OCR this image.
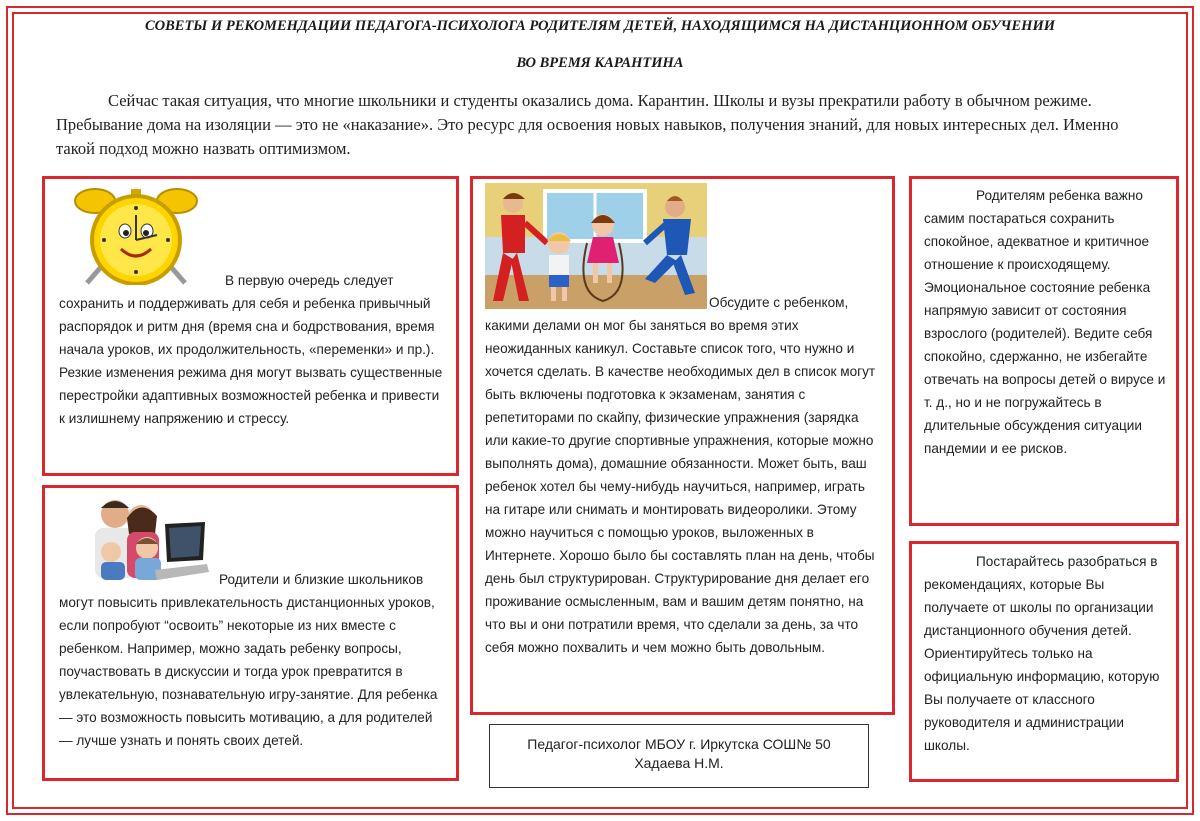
СОВЕТЫ И РЕКОМЕНДАЦИИ ПЕДАГОГА-ПСИХОЛОГА РОДИТЕЛЯМ ДЕТЕЙ, НАХОДЯЩИМСЯ НА ДИСТАНЦИОННОМ ОБУЧЕНИИ
ВО ВРЕМЯ КАРАНТИНА

Сейчас такая ситуация, что многие школьники и студенты оказались дома. Карантин. Школы и вузы прекратили работу в обычном режиме. Пребывание дома на изоляции — это не «наказание». Это ресурс для освоения новых навыков, получения знаний, для новых интересных дел. Именно такой подход можно назвать оптимизмом.

В первую очередь следует сохранить и поддерживать для себя и ребенка привычный распорядок и ритм дня (время сна и бодрствования, время начала уроков, их продолжительность, «переменки» и пр.). Резкие изменения режима дня могут вызвать существенные перестройки адаптивных возможностей ребенка и привести к излишнему напряжению и стрессу.

Родители и близкие школьников могут повысить привлекательность дистанционных уроков, если попробуют “освоить” некоторые из них вместе с ребенком. Например, можно задать ребенку вопросы, поучаствовать в дискуссии и тогда урок превратится в увлекательную, познавательную игру-занятие. Для ребенка — это возможность повысить мотивацию, а для родителей — лучше узнать и понять своих детей.

Обсудите с ребенком, какими делами он мог бы заняться во время этих неожиданных каникул. Составьте список того, что нужно и хочется сделать. В качестве необходимых дел в список могут быть включены подготовка к экзаменам, занятия с репетиторами по скайпу, физические упражнения (зарядка или какие-то другие спортивные упражнения, которые можно выполнять дома), домашние обязанности. Может быть, ваш ребенок хотел бы чему-нибудь научиться, например, играть на гитаре или снимать и монтировать видеоролики. Этому можно научиться с помощью уроков, выложенных в Интернете. Хорошо было бы составлять план на день, чтобы день был структурирован. Структурирование дня делает его проживание осмысленным, вам и вашим детям понятно, на что вы и они потратили время, что сделали за день, за что себя можно похвалить и чем можно быть довольным.

Родителям ребенка важно самим постараться сохранить спокойное, адекватное и критичное отношение к происходящему. Эмоциональное состояние ребенка напрямую зависит от состояния взрослого (родителей). Ведите себя спокойно, сдержанно, не избегайте отвечать на вопросы детей о вирусе и т. д., но и не погружайтесь в длительные обсуждения ситуации пандемии и ее рисков.

Постарайтесь разобраться в рекомендациях, которые Вы получаете от школы по организации дистанционного обучения детей. Ориентируйтесь только на официальную информацию, которую Вы получаете от классного руководителя и администрации школы.

Педагог-психолог МБОУ г. Иркутска СОШ№ 50
Хадаева Н.М.
